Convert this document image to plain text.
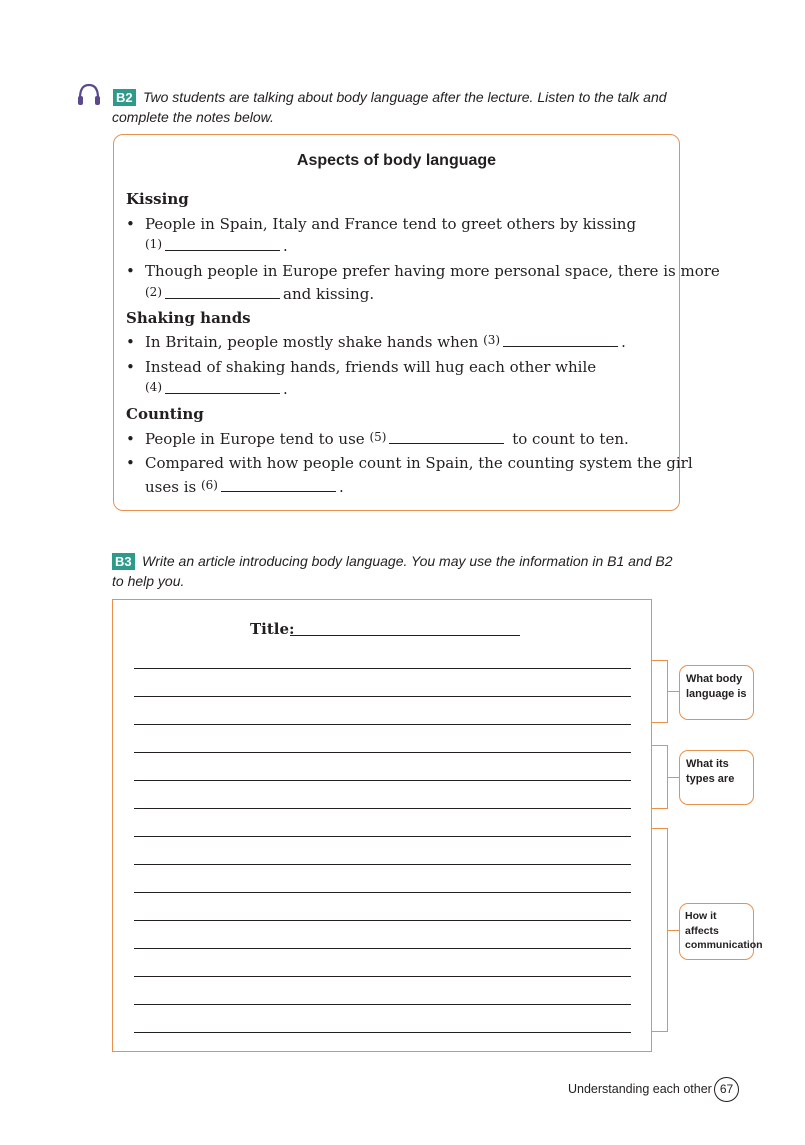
B2 Two students are talking about body language after the lecture. Listen to the talk and
complete the notes below.
Aspects of body language
Kissing
• People in Spain, Italy and France tend to greet others by kissing
$^{(1)}$	.
• Though people in Europe prefer having more personal space, there is more
$^{(2)}$	and kissing.
Shaking hands
• In Britain, people mostly shake hands when $^{(3)}$	.
• Instead of shaking hands, friends will hug each other while
$^{(4)}$	.
Counting
• People in Europe tend to use $^{(5)}$	to count to ten.
• Compared with how people count in Spain, the counting system the girl
uses is $^{(6)}$	.
B3 Write an article introducing body language. You may use the information in B1 and B2
to help you.
Title:
What body language is
What its types are
How it affects communication
Understanding each other 67
